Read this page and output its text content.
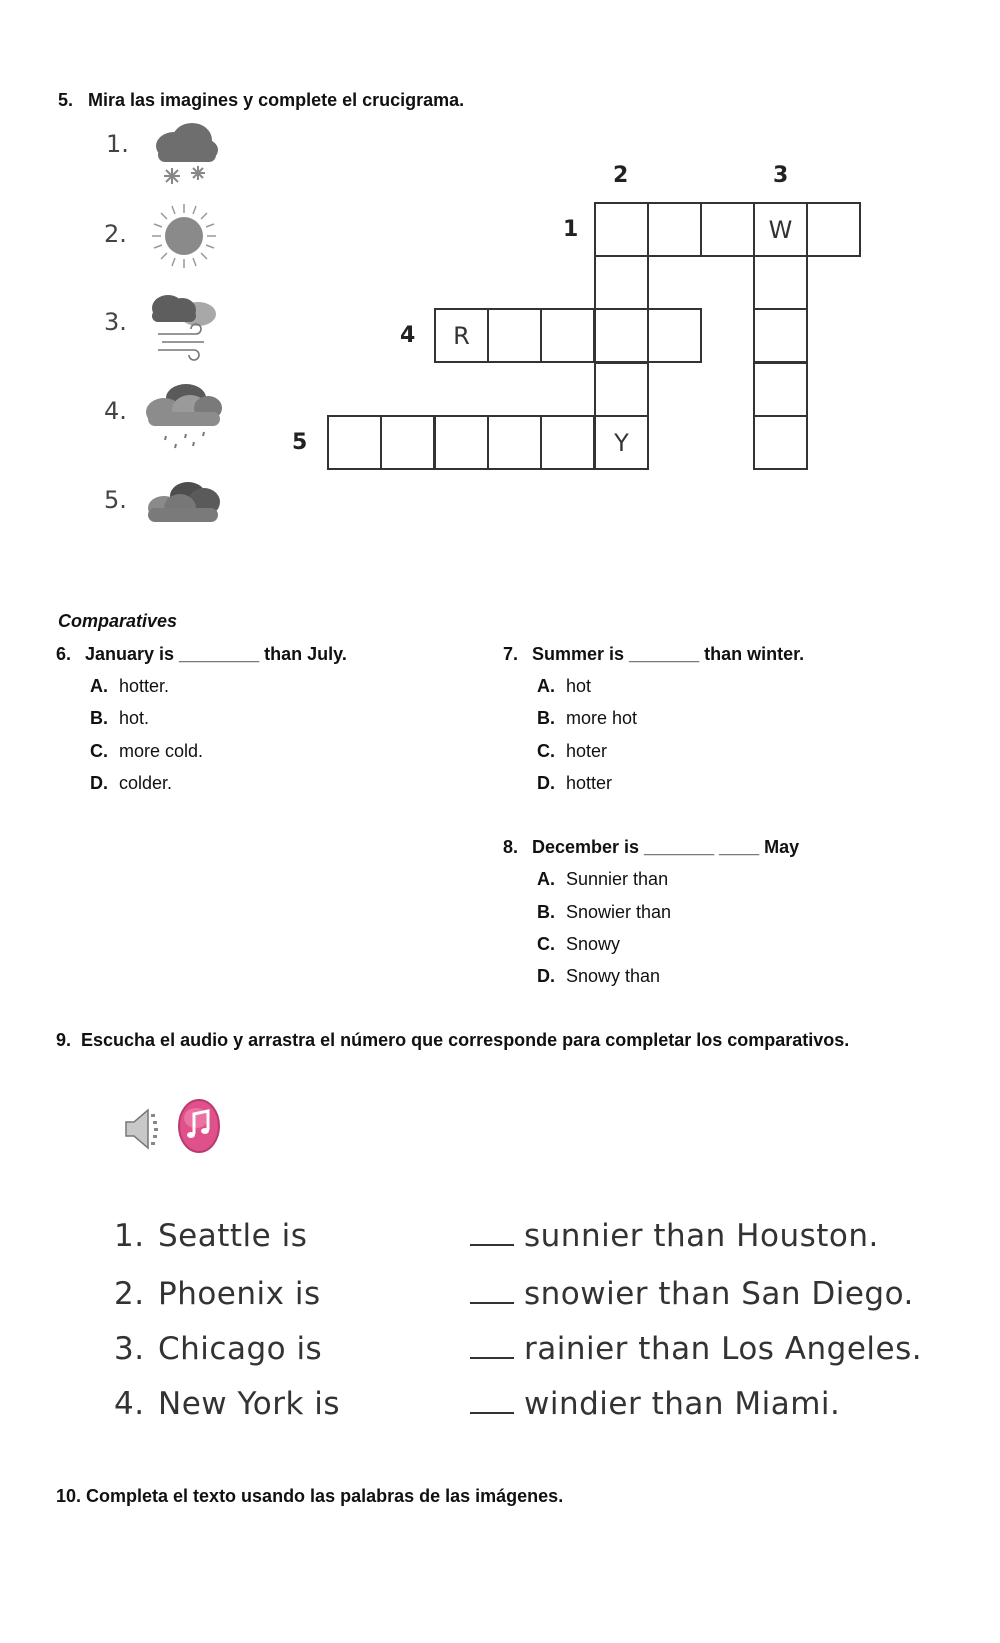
5.   Mira las imagines y complete el crucigrama.
1.
2.
3.
4.
5.
2	3
1
4
5
W
R
Y
Comparatives
6. January is ________ than July.
A. hotter.
B. hot.
C. more cold.
D. colder.
7. Summer is _______ than winter.
A. hot
B. more hot
C. hoter
D. hotter
8. December is _______ ____ May
A. Sunnier than
B. Snowier than
C. Snowy
D. Snowy than
9.  Escucha el audio y arrastra el número que corresponde para completar los comparativos.
1. Seattle is	sunnier than Houston.
2. Phoenix is	snowier than San Diego.
3. Chicago is	rainier than Los Angeles.
4. New York is	windier than Miami.
10. Completa el texto usando las palabras de las imágenes.
